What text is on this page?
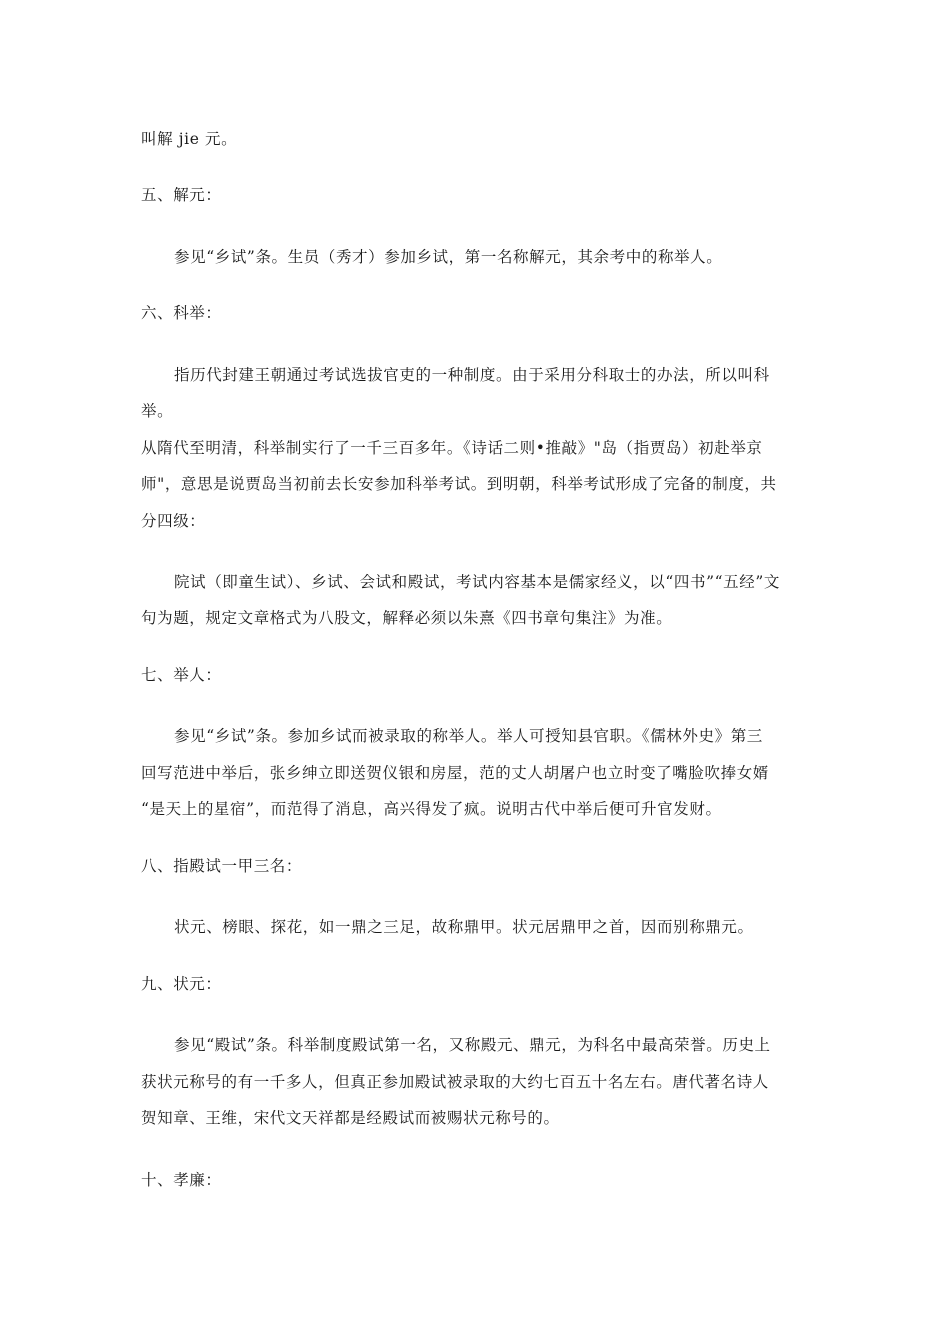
叫解 jie 元。
五、解元：
参见“乡试”条。生员（秀才）参加乡试，第一名称解元，其余考中的称举人。
六、科举：
指历代封建王朝通过考试选拔官吏的一种制度。由于采用分科取士的办法，所以叫科
举。
从隋代至明清，科举制实行了一千三百多年。《诗话二则•推敲》"岛（指贾岛）初赴举京
师"，意思是说贾岛当初前去长安参加科举考试。到明朝，科举考试形成了完备的制度，共
分四级：
院试（即童生试）、乡试、会试和殿试，考试内容基本是儒家经义，以“四书”“五经”文
句为题，规定文章格式为八股文，解释必须以朱熹《四书章句集注》为准。
七、举人：
参见“乡试”条。参加乡试而被录取的称举人。举人可授知县官职。《儒林外史》第三
回写范进中举后，张乡绅立即送贺仪银和房屋，范的丈人胡屠户也立时变了嘴脸吹捧女婿
“是天上的星宿”，而范得了消息，高兴得发了疯。说明古代中举后便可升官发财。
八、指殿试一甲三名：
状元、榜眼、探花，如一鼎之三足，故称鼎甲。状元居鼎甲之首，因而别称鼎元。
九、状元：
参见“殿试”条。科举制度殿试第一名，又称殿元、鼎元，为科名中最高荣誉。历史上
获状元称号的有一千多人，但真正参加殿试被录取的大约七百五十名左右。唐代著名诗人
贺知章、王维，宋代文天祥都是经殿试而被赐状元称号的。
十、孝廉：
